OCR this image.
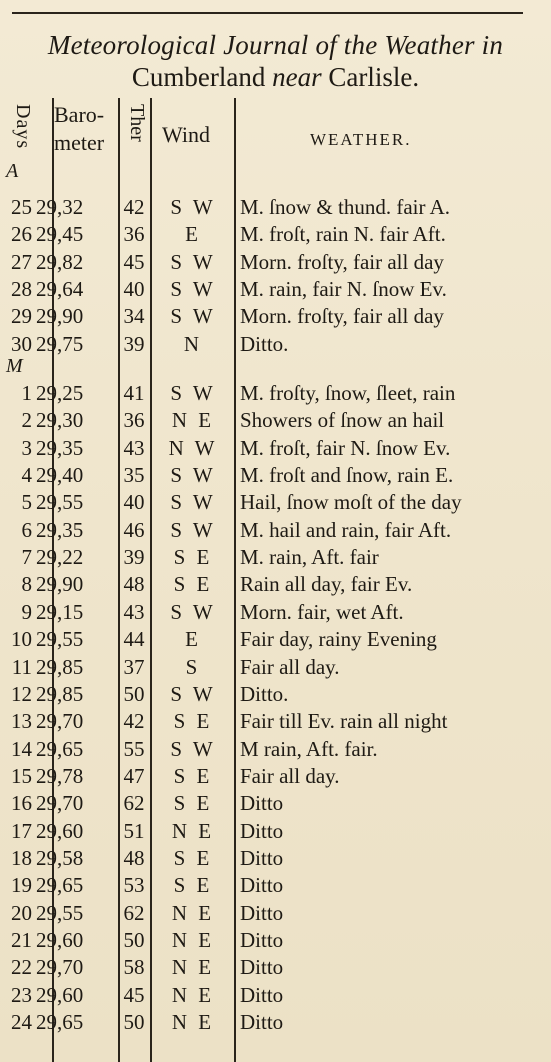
Meteorological Journal of the Weather in
Cumberland near Carlisle.
Days Baro-
meter
Ther Wind	WEATHER.
A
M
25 29,32	42	S W	M. ſnow & thund. fair A.
26 29,45	36	E	M. froſt, rain N. fair Aft.
27 29,82	45	S W	Morn. froſty, fair all day
28 29,64	40	S W	M. rain, fair N. ſnow Ev.
29 29,90	34	S W	Morn. froſty, fair all day
30 29,75	39	N	Ditto.
1 29,25	41	S W	M. froſty, ſnow, ſleet, rain
2 29,30	36	N E	Showers of ſnow an hail
3 29,35	43	N W	M. froſt, fair N. ſnow Ev.
4 29,40	35	S W	M. froſt and ſnow, rain E.
5 29,55	40	S W	Hail, ſnow moſt of the day
6 29,35	46	S W	M. hail and rain, fair Aft.
7 29,22	39	S E	M. rain, Aft. fair
8 29,90	48	S E	Rain all day, fair Ev.
9 29,15	43	S W	Morn. fair, wet Aft.
10 29,55	44	E	Fair day, rainy Evening
11 29,85	37	S	Fair all day.
12 29,85	50	S W	Ditto.
13 29,70	42	S E	Fair till Ev. rain all night
14 29,65	55	S W	M rain, Aft. fair.
15 29,78	47	S E	Fair all day.
16 29,70	62	S E	Ditto
17 29,60	51	N E	Ditto
18 29,58	48	S E	Ditto
19 29,65	53	S E	Ditto
20 29,55	62	N E	Ditto
21 29,60	50	N E	Ditto
22 29,70	58	N E	Ditto
23 29,60	45	N E	Ditto
24 29,65	50	N E	Ditto
